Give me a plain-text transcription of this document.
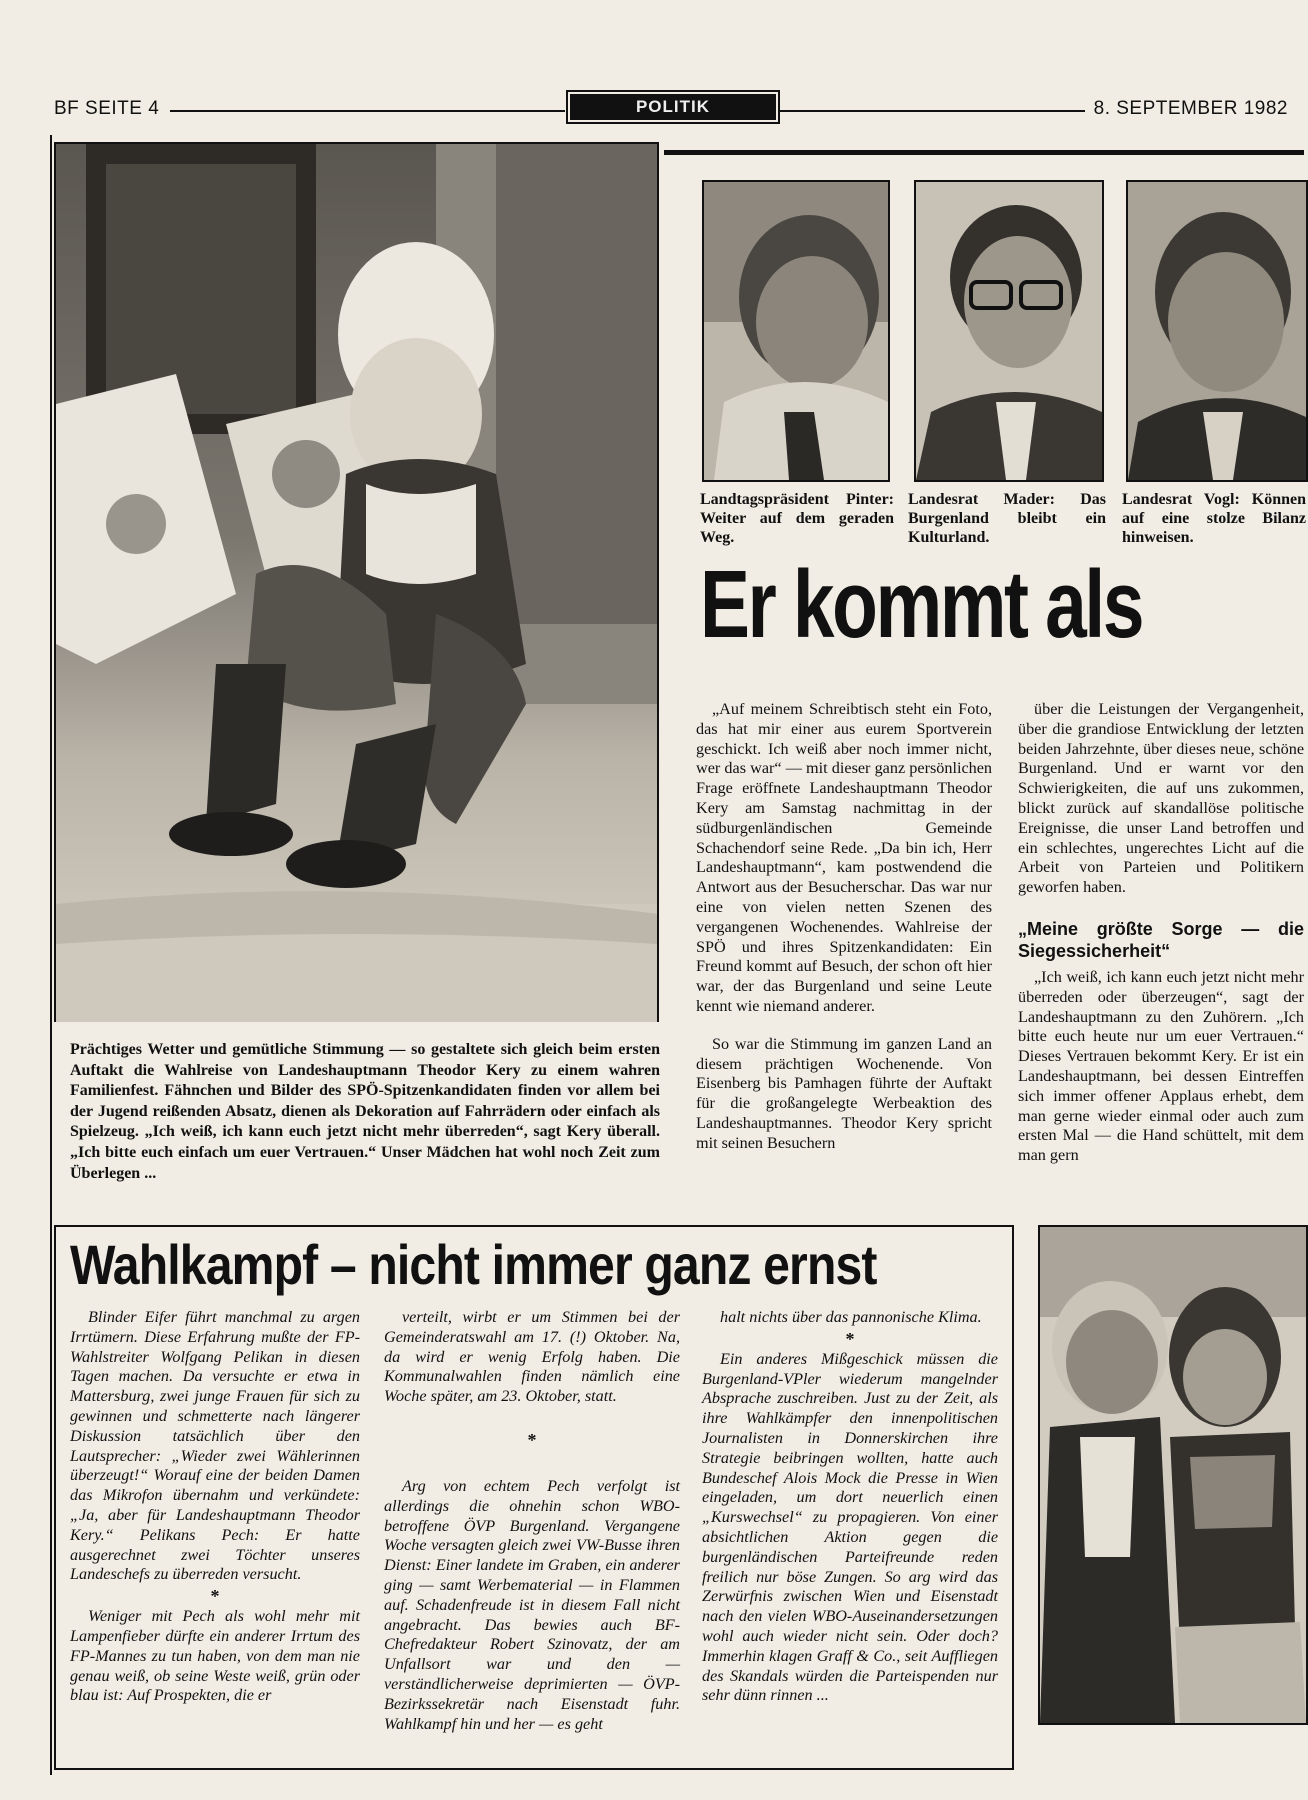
BF SEITE 4	POLITIK	8. SEPTEMBER 1982
Prächtiges Wetter und gemütliche Stimmung — so gestaltete sich gleich beim ersten Auftakt die Wahlreise von Landeshauptmann Theodor Kery zu einem wahren Familienfest. Fähnchen und Bilder des SPÖ-Spitzenkandidaten finden vor allem bei der Jugend reißenden Absatz, dienen als Dekoration auf Fahrrädern oder einfach als Spielzeug. „Ich weiß, ich kann euch jetzt nicht mehr überreden“, sagt Kery überall. „Ich bitte euch einfach um euer Vertrauen.“ Unser Mädchen hat wohl noch Zeit zum Überlegen ...
Landtagspräsident Pinter: Weiter auf dem geraden Weg.
Landesrat Mader: Das Burgenland bleibt ein Kulturland.
Landesrat Vogl: Können auf eine stolze Bilanz hinweisen.
Er kommt als

„Auf meinem Schreibtisch steht ein Foto, das hat mir einer aus eurem Sportverein geschickt. Ich weiß aber noch immer nicht, wer das war“ — mit dieser ganz persönlichen Frage eröffnete Landeshauptmann Theodor Kery am Samstag nachmittag in der südburgenländischen Gemeinde Schachendorf seine Rede. „Da bin ich, Herr Landeshauptmann“, kam postwendend die Antwort aus der Besucherschar. Das war nur eine von vielen netten Szenen des vergangenen Wochenendes. Wahlreise der SPÖ und ihres Spitzenkandidaten: Ein Freund kommt auf Besuch, der schon oft hier war, der das Burgenland und seine Leute kennt wie niemand anderer.

So war die Stimmung im ganzen Land an diesem prächtigen Wochenende. Von Eisenberg bis Pamhagen führte der Auftakt für die großangelegte Werbeaktion des Landeshauptmannes. Theodor Kery spricht mit seinen Besuchern

über die Leistungen der Vergangenheit, über die grandiose Entwicklung der letzten beiden Jahrzehnte, über dieses neue, schöne Burgenland. Und er warnt vor den Schwierigkeiten, die auf uns zukommen, blickt zurück auf skandallöse politische Ereignisse, die unser Land betroffen und ein schlechtes, ungerechtes Licht auf die Arbeit von Parteien und Politikern geworfen haben.

„Meine größte Sorge — die Siegessicherheit“

„Ich weiß, ich kann euch jetzt nicht mehr überreden oder überzeugen“, sagt der Landeshauptmann zu den Zuhörern. „Ich bitte euch heute nur um euer Vertrauen.“ Dieses Vertrauen bekommt Kery. Er ist ein Landeshauptmann, bei dessen Eintreffen sich immer offener Applaus erhebt, dem man gerne wieder einmal oder auch zum ersten Mal — die Hand schüttelt, mit dem man gern

Wahlkampf – nicht immer ganz ernst

Blinder Eifer führt manchmal zu argen Irrtümern. Diese Erfahrung mußte der FP-Wahlstreiter Wolfgang Pelikan in diesen Tagen machen. Da versuchte er etwa in Mattersburg, zwei junge Frauen für sich zu gewinnen und schmetterte nach längerer Diskussion tatsächlich über den Lautsprecher: „Wieder zwei Wählerinnen überzeugt!“ Worauf eine der beiden Damen das Mikrofon übernahm und verkündete: „Ja, aber für Landeshauptmann Theodor Kery.“ Pelikans Pech: Er hatte ausgerechnet zwei Töchter unseres Landeschefs zu überreden versucht.

*

Weniger mit Pech als wohl mehr mit Lampenfieber dürfte ein anderer Irrtum des FP-Mannes zu tun haben, von dem man nie genau weiß, ob seine Weste weiß, grün oder blau ist: Auf Prospekten, die er

verteilt, wirbt er um Stimmen bei der Gemeinderatswahl am 17. (!) Oktober. Na, da wird er wenig Erfolg haben. Die Kommunalwahlen finden nämlich eine Woche später, am 23. Oktober, statt.

*

Arg von echtem Pech verfolgt ist allerdings die ohnehin schon WBO-betroffene ÖVP Burgenland. Vergangene Woche versagten gleich zwei VW-Busse ihren Dienst: Einer landete im Graben, ein anderer ging — samt Werbematerial — in Flammen auf. Schadenfreude ist in diesem Fall nicht angebracht. Das bewies auch BF-Chefredakteur Robert Szinovatz, der am Unfallsort war und den — verständlicherweise deprimierten — ÖVP-Bezirkssekretär nach Eisenstadt fuhr. Wahlkampf hin und her — es geht

halt nichts über das pannonische Klima.

*

Ein anderes Mißgeschick müssen die Burgenland-VPler wiederum mangelnder Absprache zuschreiben. Just zu der Zeit, als ihre Wahlkämpfer den innenpolitischen Journalisten in Donnerskirchen ihre Strategie beibringen wollten, hatte auch Bundeschef Alois Mock die Presse in Wien eingeladen, um dort neuerlich einen „Kurswechsel“ zu propagieren. Von einer absichtlichen Aktion gegen die burgenländischen Parteifreunde reden freilich nur böse Zungen. So arg wird das Zerwürfnis zwischen Wien und Eisenstadt nach den vielen WBO-Auseinandersetzungen wohl auch wieder nicht sein. Oder doch? Immerhin klagen Graff & Co., seit Auffliegen des Skandals würden die Parteispenden nur sehr dünn rinnen ...
